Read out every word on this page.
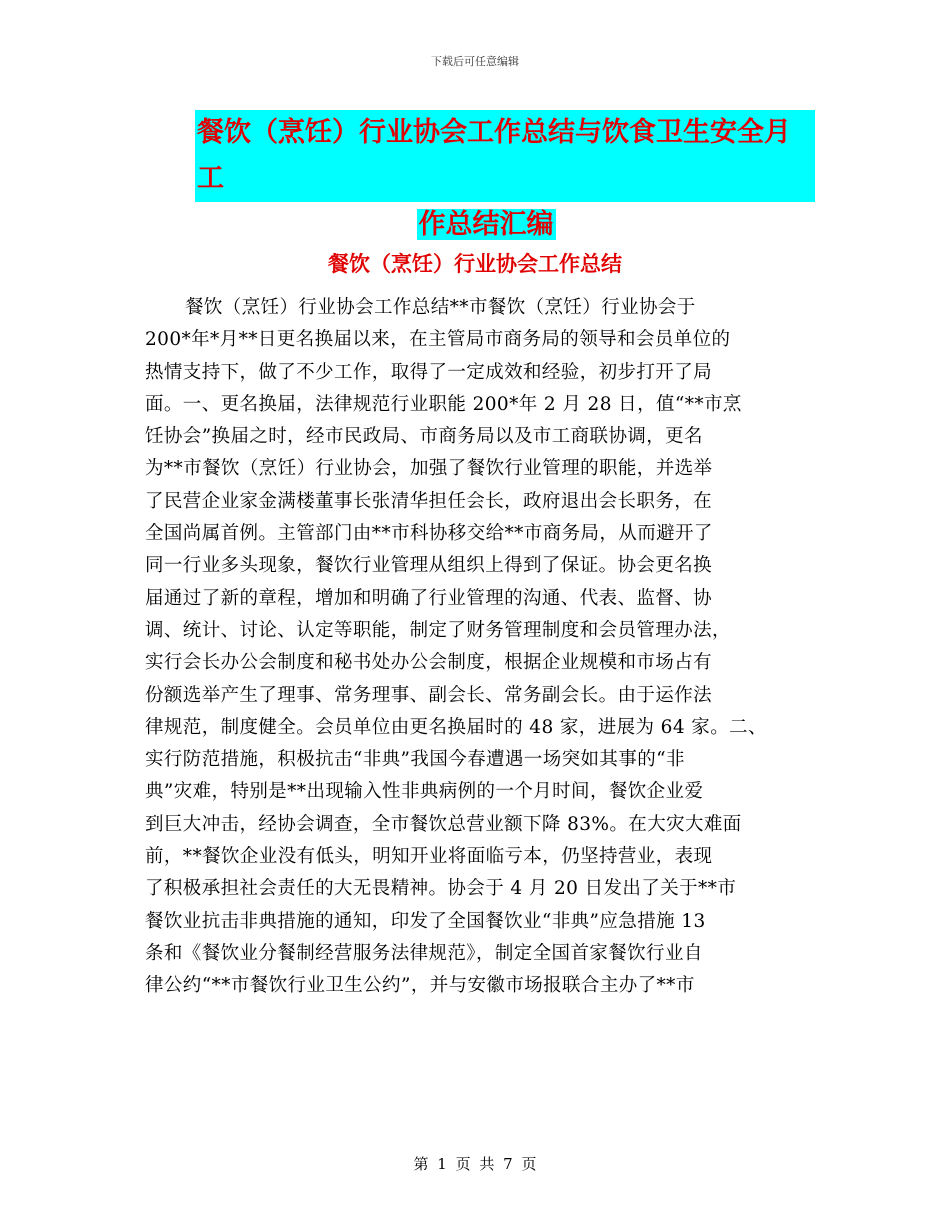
下载后可任意编辑
餐饮（烹饪）行业协会工作总结与饮食卫生安全月工
作总结汇编
餐饮（烹饪）行业协会工作总结
餐饮（烹饪）行业协会工作总结**市餐饮（烹饪）行业协会于
200*年*月**日更名换届以来，在主管局市商务局的领导和会员单位的
热情支持下，做了不少工作，取得了一定成效和经验，初步打开了局
面。一、更名换届，法律规范行业职能 200*年 2 月 28 日，值“**市烹
饪协会”换届之时，经市民政局、市商务局以及市工商联协调，更名
为**市餐饮（烹饪）行业协会，加强了餐饮行业管理的职能，并选举
了民营企业家金满楼董事长张清华担任会长，政府退出会长职务，在
全国尚属首例。主管部门由**市科协移交给**市商务局，从而避开了
同一行业多头现象，餐饮行业管理从组织上得到了保证。协会更名换
届通过了新的章程，增加和明确了行业管理的沟通、代表、监督、协
调、统计、讨论、认定等职能，制定了财务管理制度和会员管理办法，
实行会长办公会制度和秘书处办公会制度，根据企业规模和市场占有
份额选举产生了理事、常务理事、副会长、常务副会长。由于运作法
律规范，制度健全。会员单位由更名换届时的 48 家，进展为 64 家。二、
实行防范措施，积极抗击“非典”我国今春遭遇一场突如其事的“非
典”灾难，特别是**出现输入性非典病例的一个月时间，餐饮企业爱
到巨大冲击，经协会调查，全市餐饮总营业额下降 83%。在大灾大难面
前，**餐饮企业没有低头，明知开业将面临亏本，仍坚持营业，表现
了积极承担社会责任的大无畏精神。协会于 4 月 20 日发出了关于**市
餐饮业抗击非典措施的通知，印发了全国餐饮业“非典”应急措施 13
条和《餐饮业分餐制经营服务法律规范》，制定全国首家餐饮行业自
律公约“**市餐饮行业卫生公约”，并与安徽市场报联合主办了**市
第 1 页 共 7 页
